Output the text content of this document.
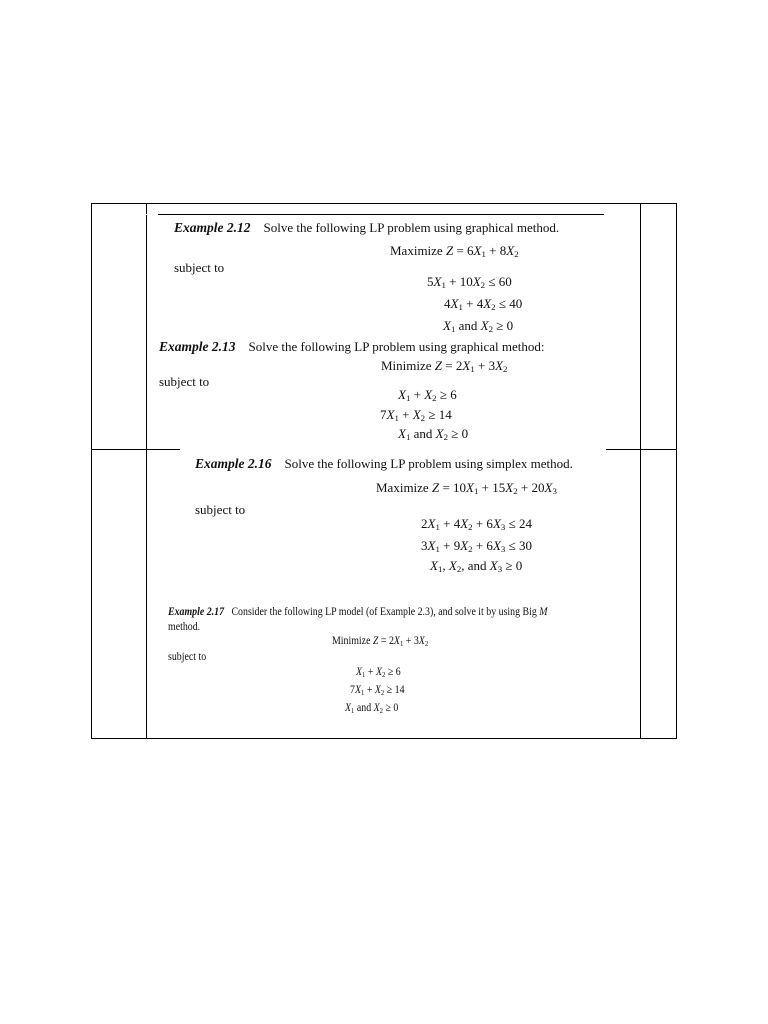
Example 2.12 Solve the following LP problem using graphical method.
Maximize $Z = 6X_1 + 8X_2$
subject to
$5X_1 + 10X_2 \le 60$
$4X_1 + 4X_2 \le 40$
$X_1$ and $X_2 \ge 0$
Example 2.13 Solve the following LP problem using graphical method:
Minimize $Z = 2X_1 + 3X_2$
subject to
$X_1 + X_2 \ge 6$
$7X_1 + X_2 \ge 14$
$X_1$ and $X_2 \ge 0$
Example 2.16 Solve the following LP problem using simplex method.
Maximize $Z = 10X_1 + 15X_2 + 20X_3$
subject to
$2X_1 + 4X_2 + 6X_3 \le 24$
$3X_1 + 9X_2 + 6X_3 \le 30$
$X_1$, $X_2$, and $X_3 \ge 0$
Example 2.17 Consider the following LP model (of Example 2.3), and solve it by using Big M
method.
Minimize $Z = 2X_1 + 3X_2$
subject to
$X_1 + X_2 \ge 6$
$7X_1 + X_2 \ge 14$
$X_1$ and $X_2 \ge 0$
